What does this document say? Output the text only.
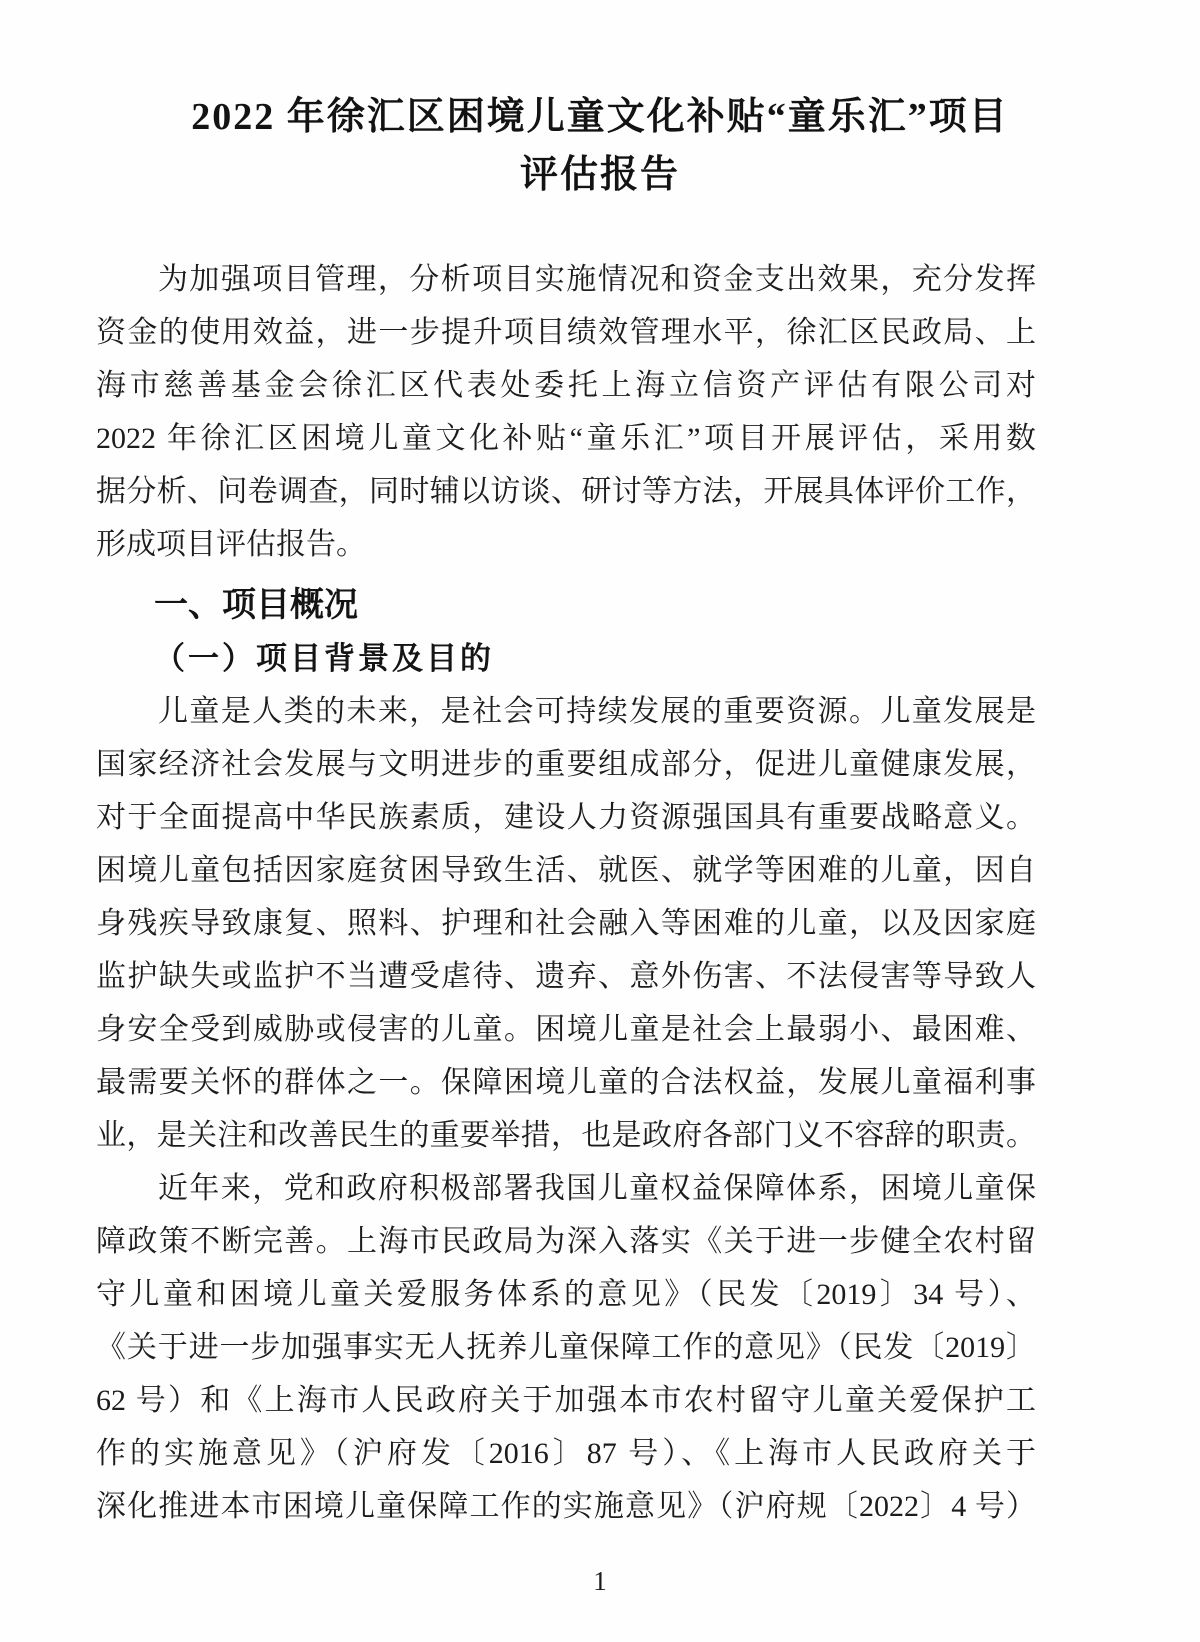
2022 年徐汇区困境儿童文化补贴“童乐汇”项目
评估报告
为加强项目管理，分析项目实施情况和资金支出效果，充分发挥
资金的使用效益，进一步提升项目绩效管理水平，徐汇区民政局、上
海市慈善基金会徐汇区代表处委托上海立信资产评估有限公司对
2022 年徐汇区困境儿童文化补贴“童乐汇”项目开展评估，采用数
据分析、问卷调查，同时辅以访谈、研讨等方法，开展具体评价工作，
形成项目评估报告。
一、项目概况
（一）项目背景及目的
儿童是人类的未来，是社会可持续发展的重要资源。儿童发展是
国家经济社会发展与文明进步的重要组成部分，促进儿童健康发展，
对于全面提高中华民族素质，建设人力资源强国具有重要战略意义。
困境儿童包括因家庭贫困导致生活、就医、就学等困难的儿童，因自
身残疾导致康复、照料、护理和社会融入等困难的儿童，以及因家庭
监护缺失或监护不当遭受虐待、遗弃、意外伤害、不法侵害等导致人
身安全受到威胁或侵害的儿童。困境儿童是社会上最弱小、最困难、
最需要关怀的群体之一。保障困境儿童的合法权益，发展儿童福利事
业，是关注和改善民生的重要举措，也是政府各部门义不容辞的职责。
近年来，党和政府积极部署我国儿童权益保障体系，困境儿童保
障政策不断完善。上海市民政局为深入落实《关于进一步健全农村留
守儿童和困境儿童关爱服务体系的意见》（民发〔2019〕34 号）、
《关于进一步加强事实无人抚养儿童保障工作的意见》（民发〔2019〕
62 号）和《上海市人民政府关于加强本市农村留守儿童关爱保护工
作的实施意见》（沪府发〔2016〕87 号）、《上海市人民政府关于
深化推进本市困境儿童保障工作的实施意见》（沪府规〔2022〕4 号）
1
